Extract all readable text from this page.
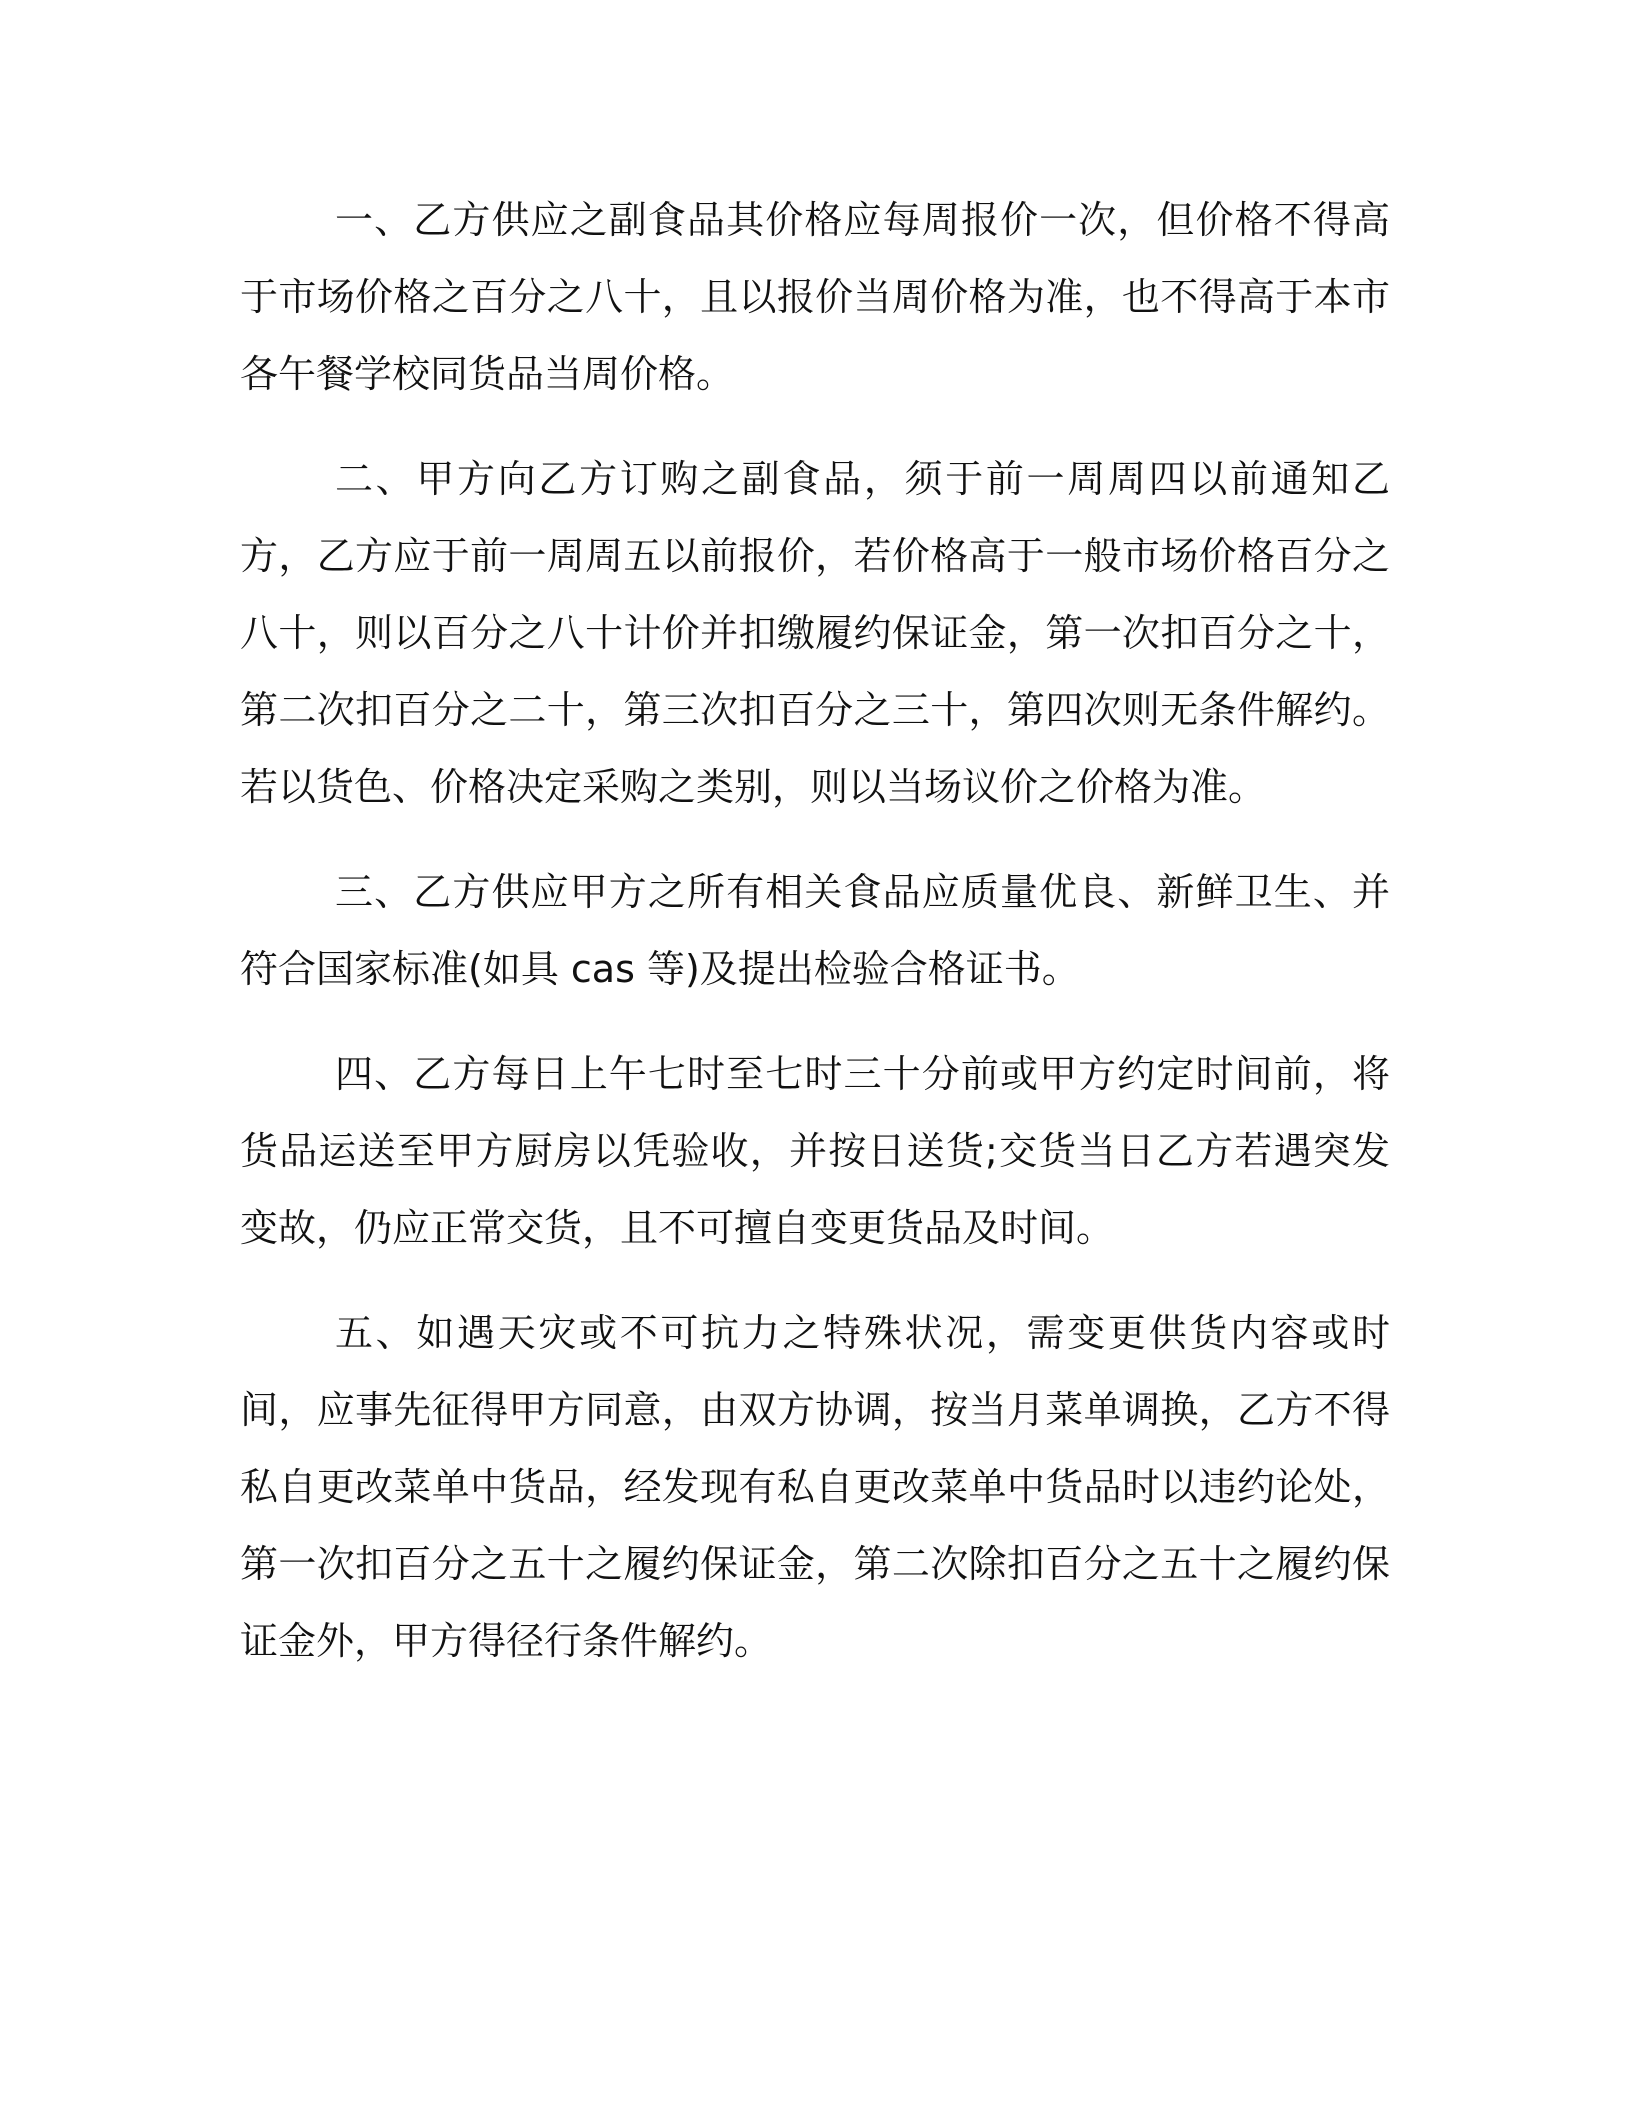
一、乙方供应之副食品其价格应每周报价一次，但价格不得高于市场价格之百分之八十，且以报价当周价格为准，也不得高于本市各午餐学校同货品当周价格。

二、甲方向乙方订购之副食品，须于前一周周四以前通知乙方，乙方应于前一周周五以前报价，若价格高于一般市场价格百分之八十，则以百分之八十计价并扣缴履约保证金，第一次扣百分之十，第二次扣百分之二十，第三次扣百分之三十，第四次则无条件解约。若以货色、价格决定采购之类别，则以当场议价之价格为准。

三、乙方供应甲方之所有相关食品应质量优良、新鲜卫生、并符合国家标准(如具 cas 等)及提出检验合格证书。

四、乙方每日上午七时至七时三十分前或甲方约定时间前，将货品运送至甲方厨房以凭验收，并按日送货;交货当日乙方若遇突发变故，仍应正常交货，且不可擅自变更货品及时间。

五、如遇天灾或不可抗力之特殊状况，需变更供货内容或时间，应事先征得甲方同意，由双方协调，按当月菜单调换，乙方不得私自更改菜单中货品，经发现有私自更改菜单中货品时以违约论处，第一次扣百分之五十之履约保证金，第二次除扣百分之五十之履约保证金外，甲方得径行条件解约。
